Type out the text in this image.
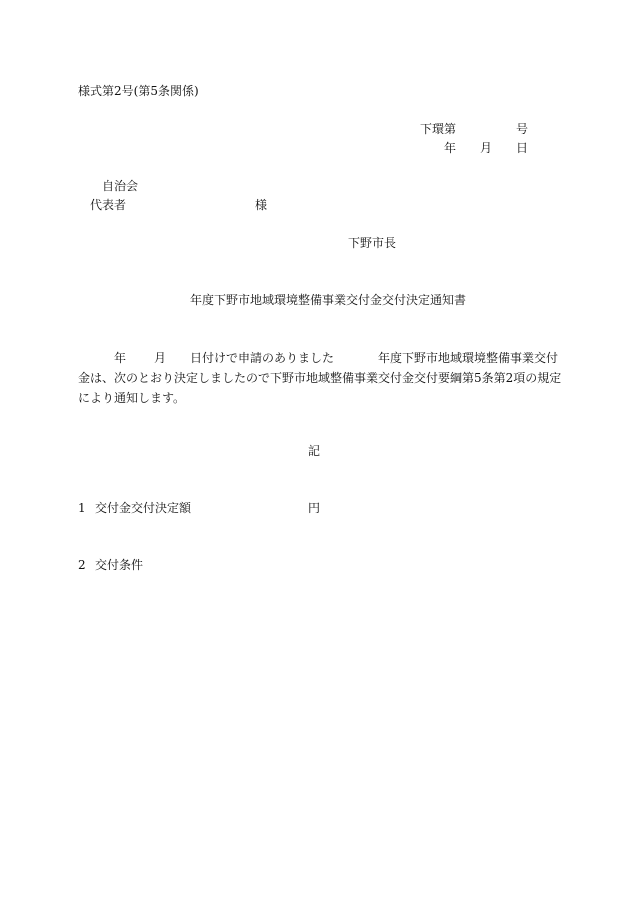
様式第2号(第5条関係)
下環第	号
年 月 日
自治会
代表者	様
下野市長
年度下野市地域環境整備事業交付金交付決定通知書
年 月 日付けで申請のありました	年度下野市地域環境整備事業交付
金は、次のとおり決定しましたので下野市地域整備事業交付金交付要綱第5条第2項の規定
により通知します。
記
1 交付金交付決定額	円
2 交付条件
